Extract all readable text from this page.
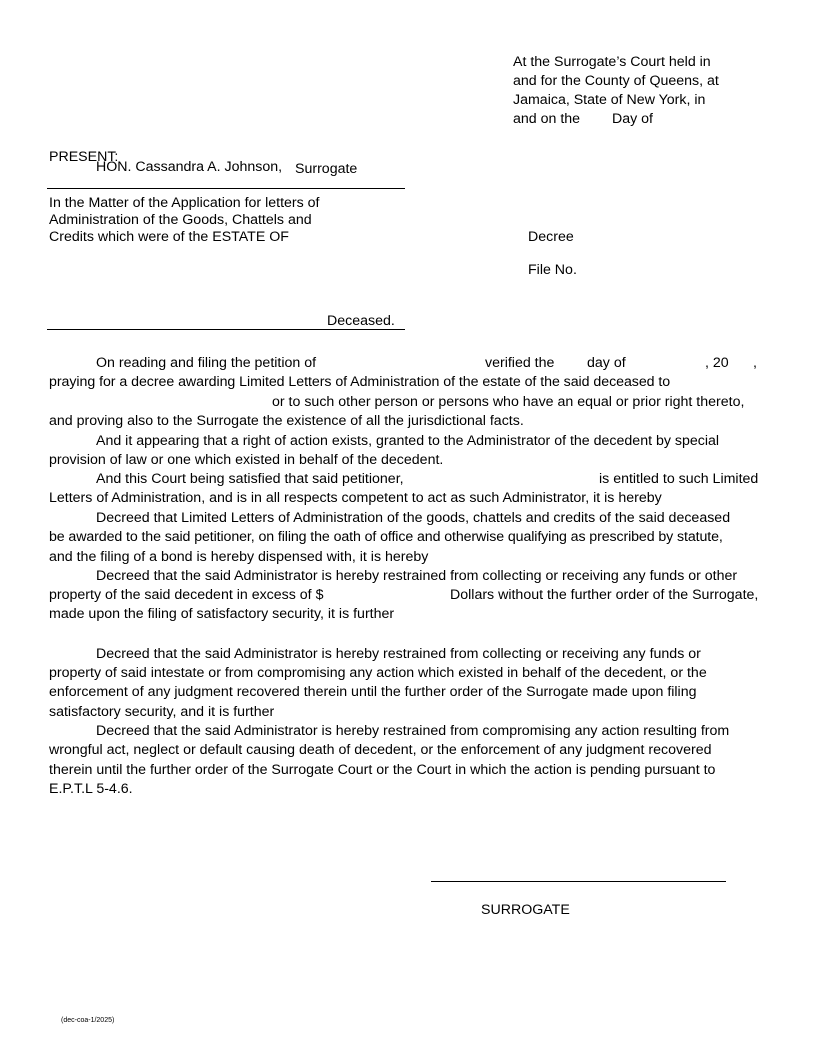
At the Surrogate’s Court held in
and for the County of Queens, at
Jamaica, State of New York, in
and on the Day of
PRESENT:
HON. Cassandra A. Johnson, Surrogate
In the Matter of the Application for letters of
Administration of the Goods, Chattels and
Credits which were of the ESTATE OF	Decree
File No.
Deceased.
On reading and filing the petition of	verified the day of	, 20 ,
praying for a decree awarding Limited Letters of Administration of the estate of the said deceased to
or to such other person or persons who have an equal or prior right thereto,
and proving also to the Surrogate the existence of all the jurisdictional facts.
And it appearing that a right of action exists, granted to the Administrator of the decedent by special
provision of law or one which existed in behalf of the decedent.
And this Court being satisfied that said petitioner,	is entitled to such Limited
Letters of Administration, and is in all respects competent to act as such Administrator, it is hereby
Decreed that Limited Letters of Administration of the goods, chattels and credits of the said deceased
be awarded to the said petitioner, on filing the oath of office and otherwise qualifying as prescribed by statute,
and the filing of a bond is hereby dispensed with, it is hereby
Decreed that the said Administrator is hereby restrained from collecting or receiving any funds or other
property of the said decedent in excess of $	Dollars without the further order of the Surrogate,
made upon the filing of satisfactory security, it is further
Decreed that the said Administrator is hereby restrained from collecting or receiving any funds or
property of said intestate or from compromising any action which existed in behalf of the decedent, or the
enforcement of any judgment recovered therein until the further order of the Surrogate made upon filing
satisfactory security, and it is further
Decreed that the said Administrator is hereby restrained from compromising any action resulting from
wrongful act, neglect or default causing death of decedent, or the enforcement of any judgment recovered
therein until the further order of the Surrogate Court or the Court in which the action is pending pursuant to
E.P.T.L 5-4.6.
SURROGATE
(dec-coa-1/2025)
